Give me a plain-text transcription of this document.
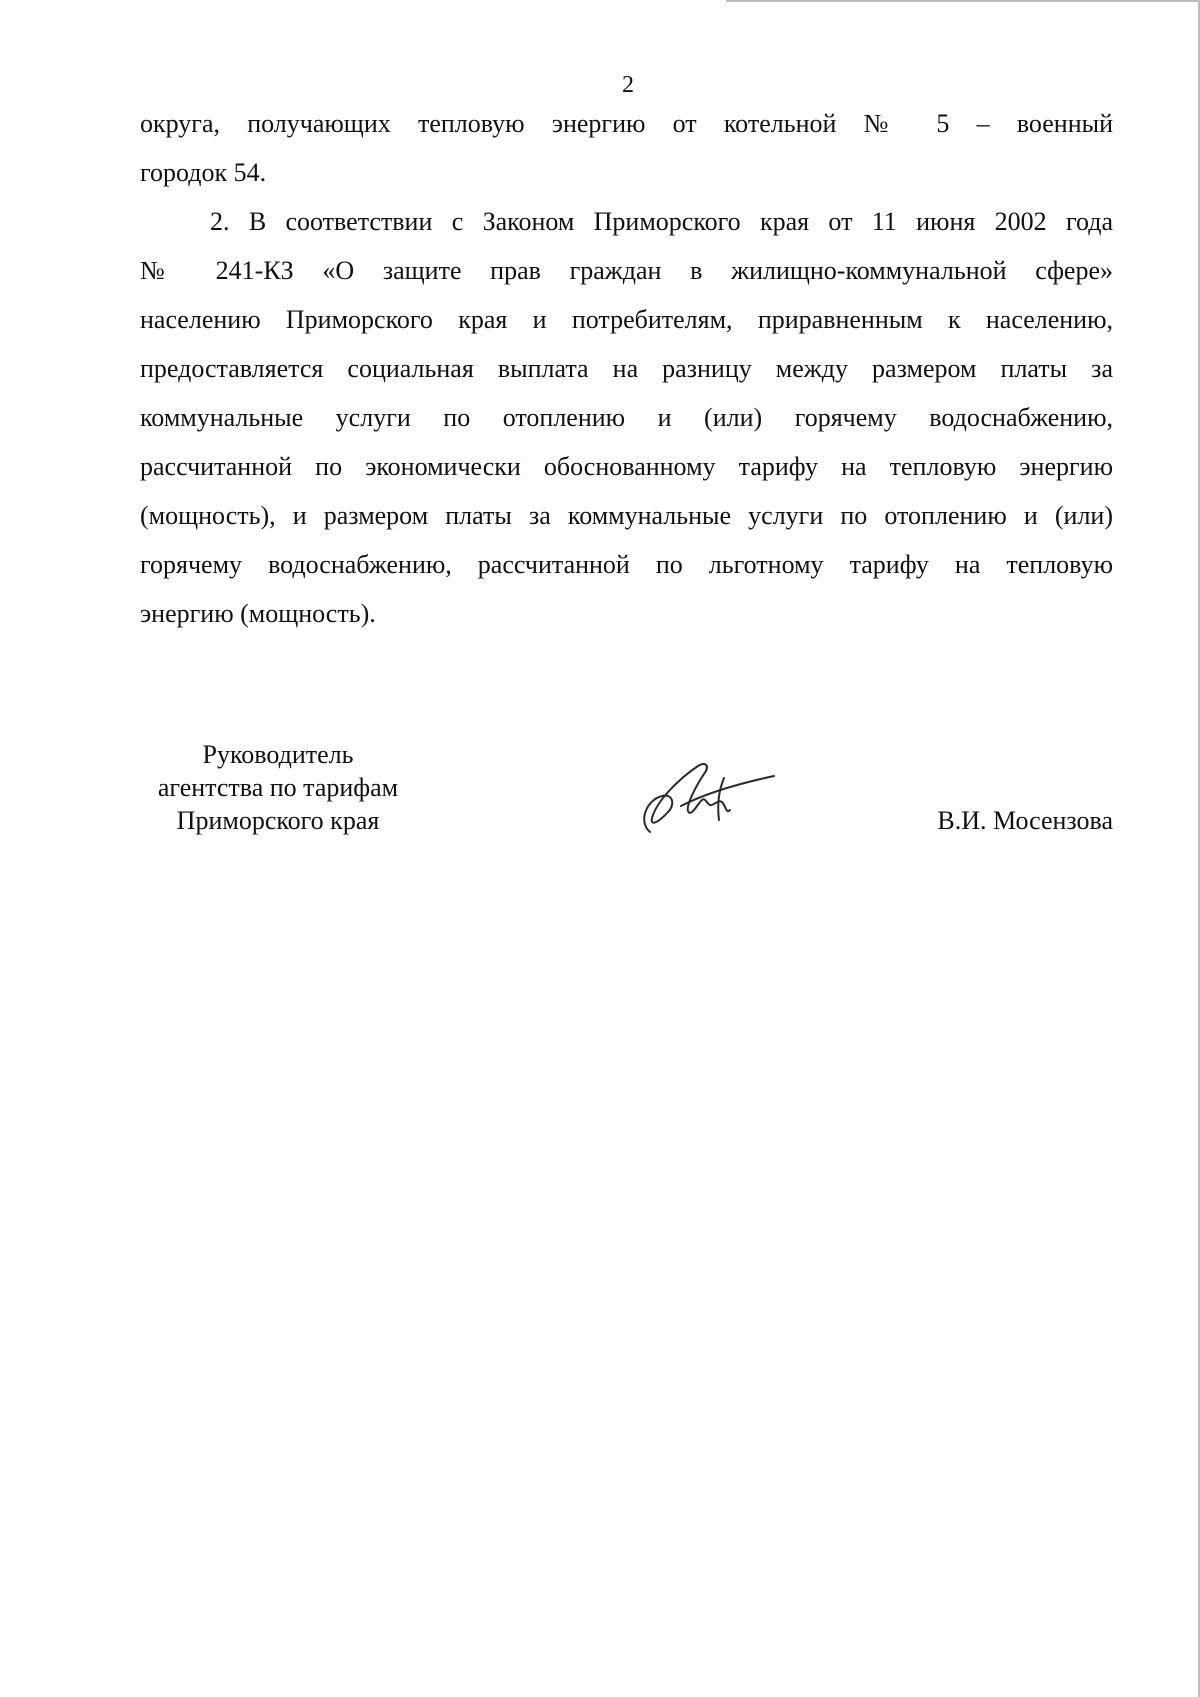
2
округа, получающих тепловую энергию от котельной № 5 – военный
городок 54.
2. В соответствии с Законом Приморского края от 11 июня 2002 года
№ 241-КЗ «О защите прав граждан в жилищно-коммунальной сфере»
населению Приморского края и потребителям, приравненным к населению,
предоставляется социальная выплата на разницу между размером платы за
коммунальные услуги по отоплению и (или) горячему водоснабжению,
рассчитанной по экономически обоснованному тарифу на тепловую энергию
(мощность), и размером платы за коммунальные услуги по отоплению и (или)
горячему водоснабжению, рассчитанной по льготному тарифу на тепловую
энергию (мощность).
Руководитель
агентства по тарифам
Приморского края	В.И. Мосензова
